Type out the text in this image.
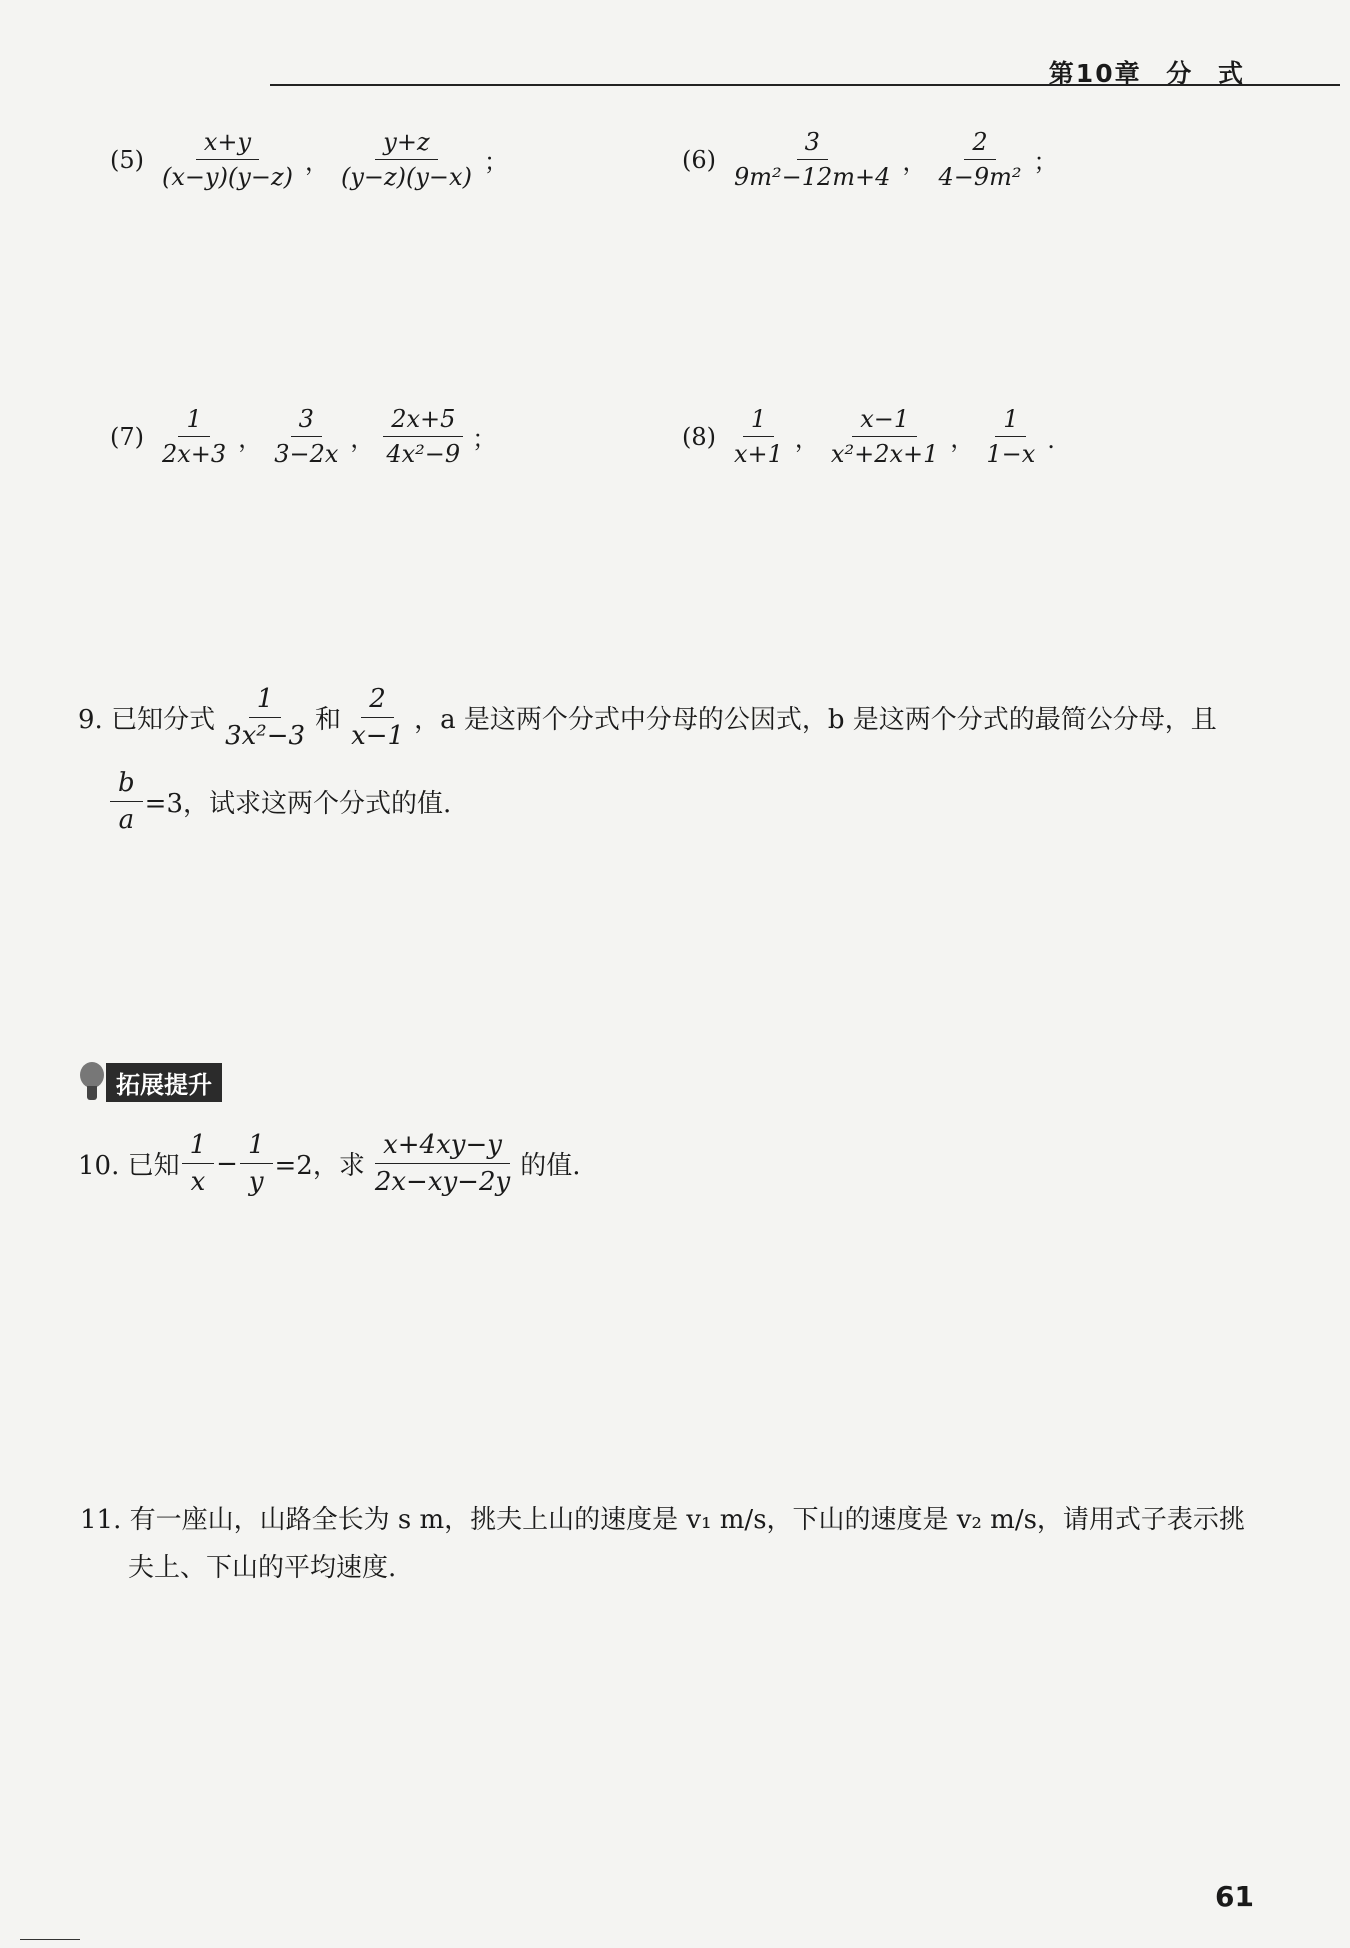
第10章 分 式
$(5) \frac{x+y}{(x-y)(y-z)}$ ， $\frac{y+z}{(y-z)(y-x)}$ ；	$(6) \frac{3}{\text{9m²−12m+4}}$ ， $\frac{2}{\text{4−9m²}}$ ；
$(7) \frac{1}{2x+3}$ ， $\frac{3}{3-2x}$ ， $\frac{2x+5}{\text{4x²−9}}$ ；	$(8) \frac{1}{x+1}$ ， $\frac{x-1}{\text{x²+2x+1}}$ ， $\frac{1}{1-x}$ .
9. 已知分式 $\frac{1}{\text{3x²−3}}$ 和 $\frac{2}{x-1}$ ，a 是这两个分式中分母的公因式，b 是这两个分式的最简公分母，且
$\frac{b}{a} =3$，试求这两个分式的值.
拓展提升
10. 已知 $\frac{1}{x} - \frac{1}{y} =2$，求 $\frac{x+4xy-y}{2x-xy-2y}$ 的值.
11. 有一座山，山路全长为 s m，挑夫上山的速度是 v₁ m/s，下山的速度是 v₂ m/s，请用式子表示挑
夫上、下山的平均速度.
61
